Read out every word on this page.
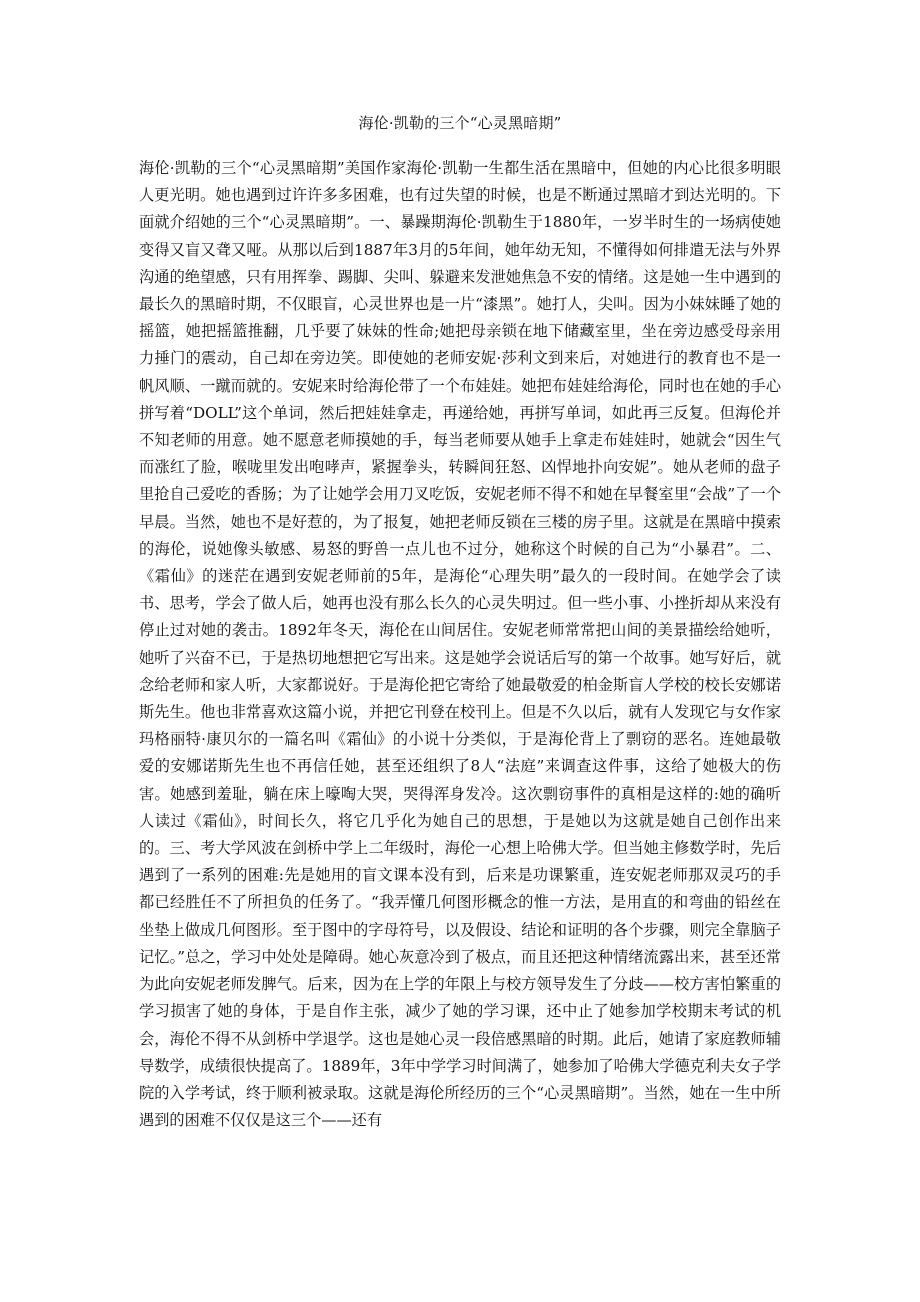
海伦·凯勒的三个“心灵黑暗期”

海伦·凯勒的三个“心灵黑暗期”美国作家海伦·凯勒一生都生活在黑暗中，但她的内心比很多明眼人更光明。她也遇到过许许多多困难，也有过失望的时候，也是不断通过黑暗才到达光明的。下面就介绍她的三个“心灵黑暗期”。一、暴躁期海伦·凯勒生于1880年，一岁半时生的一场病使她变得又盲又聋又哑。从那以后到1887年3月的5年间，她年幼无知，不懂得如何排遣无法与外界沟通的绝望感，只有用挥拳、踢脚、尖叫、躲避来发泄她焦急不安的情绪。这是她一生中遇到的最长久的黑暗时期，不仅眼盲，心灵世界也是一片“漆黑”。她打人，尖叫。因为小妹妹睡了她的摇篮，她把摇篮推翻，几乎要了妹妹的性命;她把母亲锁在地下储藏室里，坐在旁边感受母亲用力捶门的震动，自己却在旁边笑。即使她的老师安妮·莎利文到来后，对她进行的教育也不是一帆风顺、一蹴而就的。安妮来时给海伦带了一个布娃娃。她把布娃娃给海伦，同时也在她的手心拼写着“DOLL”这个单词，然后把娃娃拿走，再递给她，再拼写单词，如此再三反复。但海伦并不知老师的用意。她不愿意老师摸她的手，每当老师要从她手上拿走布娃娃时，她就会“因生气而涨红了脸，喉咙里发出咆哮声，紧握拳头，转瞬间狂怒、凶悍地扑向安妮”。她从老师的盘子里抢自己爱吃的香肠；为了让她学会用刀叉吃饭，安妮老师不得不和她在早餐室里“会战”了一个早晨。当然，她也不是好惹的，为了报复，她把老师反锁在三楼的房子里。这就是在黑暗中摸索的海伦，说她像头敏感、易怒的野兽一点儿也不过分，她称这个时候的自己为“小暴君”。二、《霜仙》的迷茫在遇到安妮老师前的5年，是海伦“心理失明”最久的一段时间。在她学会了读书、思考，学会了做人后，她再也没有那么长久的心灵失明过。但一些小事、小挫折却从来没有停止过对她的袭击。1892年冬天，海伦在山间居住。安妮老师常常把山间的美景描绘给她听，她听了兴奋不已，于是热切地想把它写出来。这是她学会说话后写的第一个故事。她写好后，就念给老师和家人听，大家都说好。于是海伦把它寄给了她最敬爱的柏金斯盲人学校的校长安娜诺斯先生。他也非常喜欢这篇小说，并把它刊登在校刊上。但是不久以后，就有人发现它与女作家玛格丽特·康贝尔的一篇名叫《霜仙》的小说十分类似，于是海伦背上了剽窃的恶名。连她最敬爱的安娜诺斯先生也不再信任她，甚至还组织了8人“法庭”来调查这件事，这给了她极大的伤害。她感到羞耻，躺在床上嚎啕大哭，哭得浑身发冷。这次剽窃事件的真相是这样的:她的确听人读过《霜仙》，时间长久，将它几乎化为她自己的思想，于是她以为这就是她自己创作出来的。三、考大学风波在剑桥中学上二年级时，海伦一心想上哈佛大学。但当她主修数学时，先后遇到了一系列的困难:先是她用的盲文课本没有到，后来是功课繁重，连安妮老师那双灵巧的手都已经胜任不了所担负的任务了。“我弄懂几何图形概念的惟一方法，是用直的和弯曲的铅丝在坐垫上做成几何图形。至于图中的字母符号，以及假设、结论和证明的各个步骤，则完全靠脑子记忆。”总之，学习中处处是障碍。她心灰意冷到了极点，而且还把这种情绪流露出来，甚至还常为此向安妮老师发脾气。后来，因为在上学的年限上与校方领导发生了分歧——校方害怕繁重的学习损害了她的身体，于是自作主张，减少了她的学习课，还中止了她参加学校期末考试的机会，海伦不得不从剑桥中学退学。这也是她心灵一段倍感黑暗的时期。此后，她请了家庭教师辅导数学，成绩很快提高了。1889年，3年中学学习时间满了，她参加了哈佛大学德克利夫女子学院的入学考试，终于顺利被录取。这就是海伦所经历的三个“心灵黑暗期”。当然，她在一生中所遇到的困难不仅仅是这三个——还有
